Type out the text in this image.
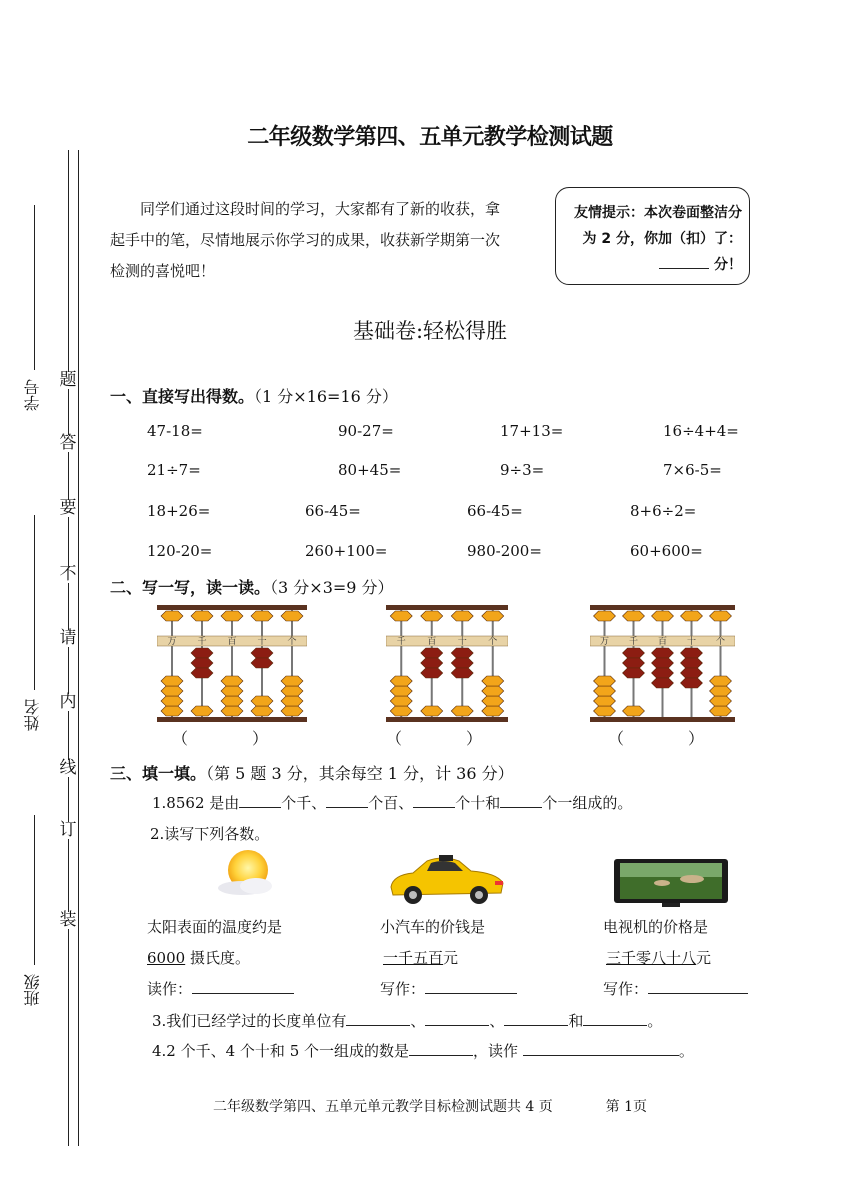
学号
姓名
班级
题
答
要
不
请
内
线
订
装
二年级数学第四、五单元教学检测试题
同学们通过这段时间的学习，大家都有了新的收获，拿起手中的笔，尽情地展示你学习的成果，收获新学期第一次检测的喜悦吧！
友情提示：本次卷面整洁分为 2 分，你加（扣）了： 分！
基础卷:轻松得胜
一、直接写出得数。（1 分×16=16 分）
47-18=	90-27=	17+13=	16÷4+4=
21÷7=	80+45=	9÷3=	7×6-5=
18+26=	66-45=	66-45=	8+6÷2=
120-20=	260+100=	980-200=	60+600=
二、写一写，读一读。（3 分×3=9 分）
万 千 百 十 个	千 百 十 个	万 千 百 十 个
（　　　　）	（　　　　）	（　　　　）
三、填一填。（第 5 题 3 分，其余每空 1 分，计 36 分）
1.8562 是由	个千、	个百、	个十和	个一组成的。
2.读写下列各数。
太阳表面的温度约是	小汽车的价钱是	电视机的价格是
6000 摄氏度。	一千五百元	三千零八十八元
读作：	写作：	写作：
3.我们已经学过的长度单位有	、	、	和	。
4.2 个千、4 个十和 5 个一组成的数是	，读作	。
二年级数学第四、五单元单元教学目标检测试题共 4 页	第 1页
